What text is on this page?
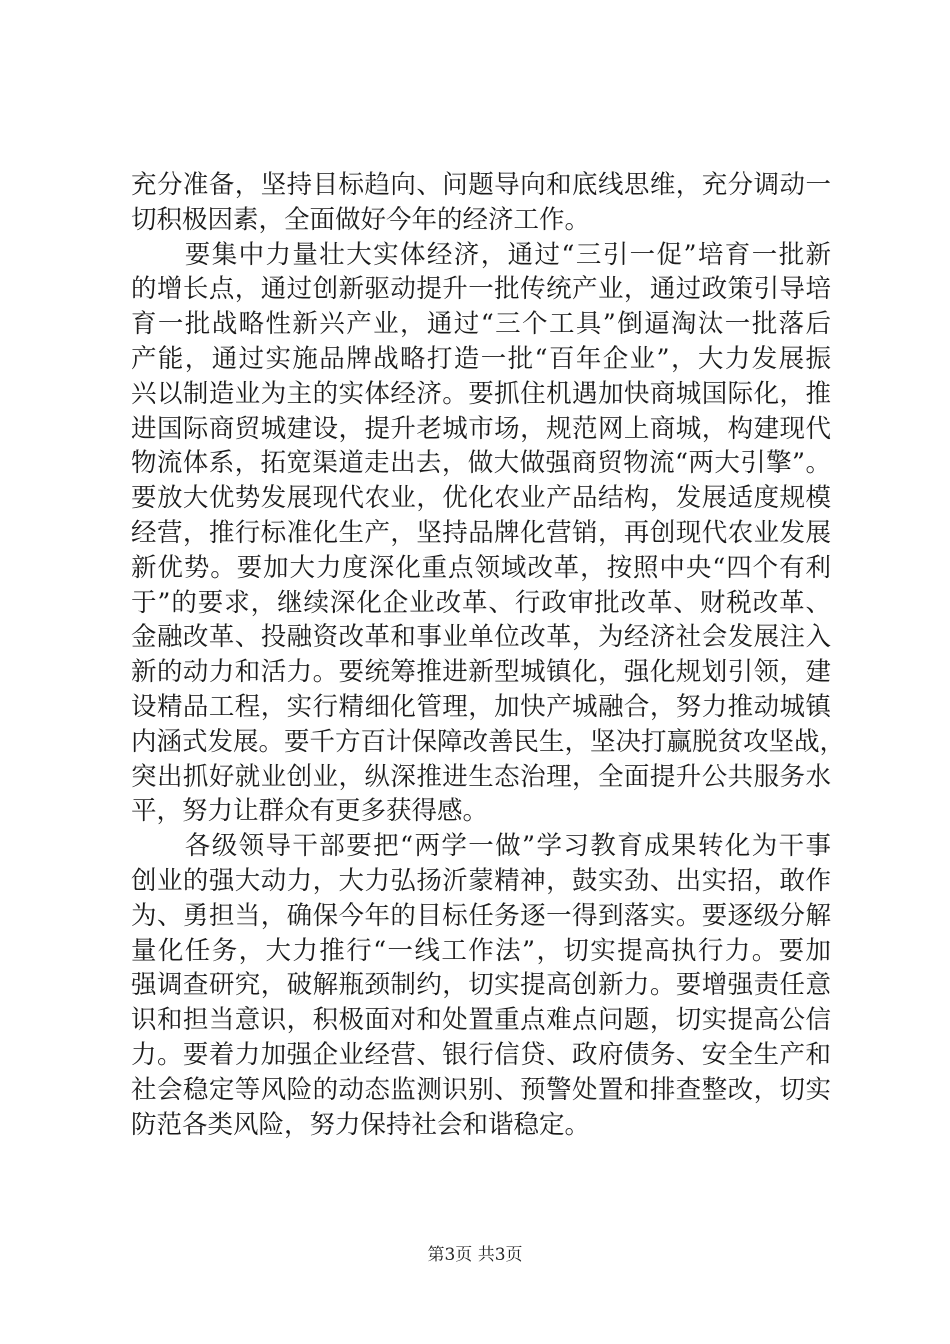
充分准备，坚持目标趋向、问题导向和底线思维，充分调动一
切积极因素，全面做好今年的经济工作。
　　要集中力量壮大实体经济，通过“三引一促”培育一批新
的增长点，通过创新驱动提升一批传统产业，通过政策引导培
育一批战略性新兴产业，通过“三个工具”倒逼淘汰一批落后
产能，通过实施品牌战略打造一批“百年企业”，大力发展振
兴以制造业为主的实体经济。要抓住机遇加快商城国际化，推
进国际商贸城建设，提升老城市场，规范网上商城，构建现代
物流体系，拓宽渠道走出去，做大做强商贸物流“两大引擎”。
要放大优势发展现代农业，优化农业产品结构，发展适度规模
经营，推行标准化生产，坚持品牌化营销，再创现代农业发展
新优势。要加大力度深化重点领域改革，按照中央“四个有利
于”的要求，继续深化企业改革、行政审批改革、财税改革、
金融改革、投融资改革和事业单位改革，为经济社会发展注入
新的动力和活力。要统筹推进新型城镇化，强化规划引领，建
设精品工程，实行精细化管理，加快产城融合，努力推动城镇
内涵式发展。要千方百计保障改善民生，坚决打赢脱贫攻坚战，
突出抓好就业创业，纵深推进生态治理，全面提升公共服务水
平，努力让群众有更多获得感。
　　各级领导干部要把“两学一做”学习教育成果转化为干事
创业的强大动力，大力弘扬沂蒙精神，鼓实劲、出实招，敢作
为、勇担当，确保今年的目标任务逐一得到落实。要逐级分解
量化任务，大力推行“一线工作法”，切实提高执行力。要加
强调查研究，破解瓶颈制约，切实提高创新力。要增强责任意
识和担当意识，积极面对和处置重点难点问题，切实提高公信
力。要着力加强企业经营、银行信贷、政府债务、安全生产和
社会稳定等风险的动态监测识别、预警处置和排查整改，切实
防范各类风险，努力保持社会和谐稳定。
第3页 共3页
